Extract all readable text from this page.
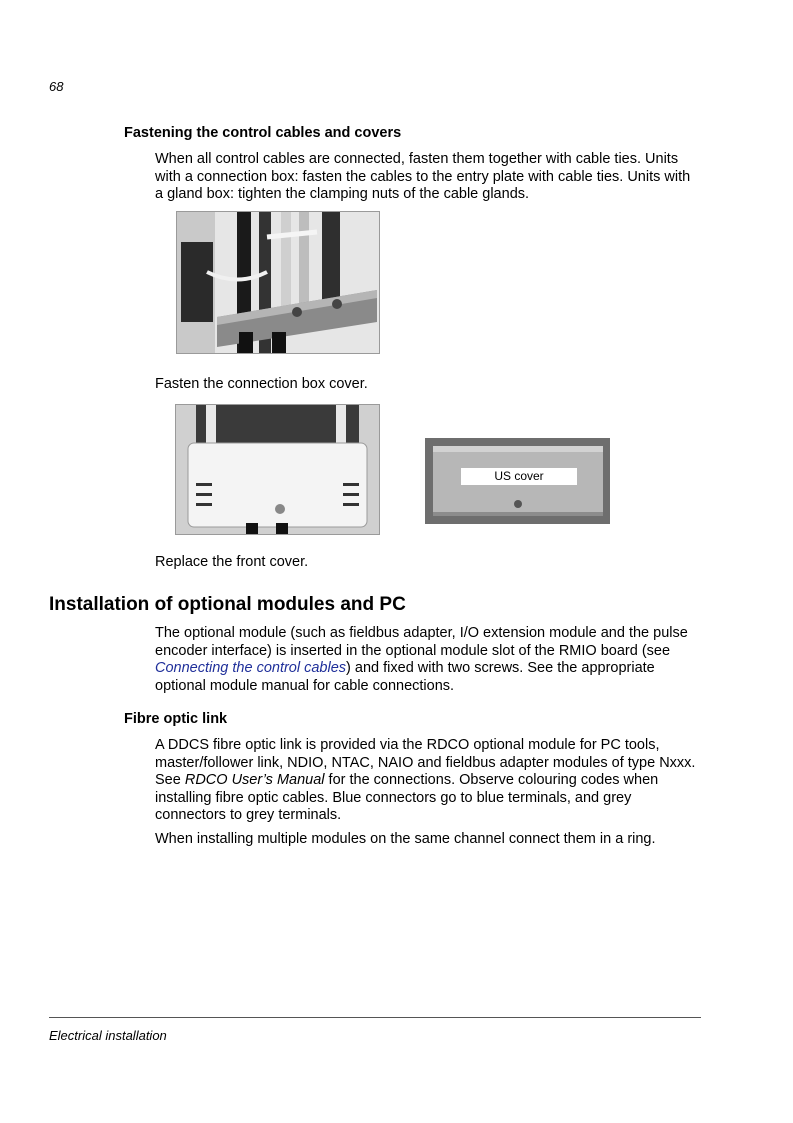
68
Fastening the control cables and covers
When all control cables are connected, fasten them together with cable ties. Units with a connection box: fasten the cables to the entry plate with cable ties. Units with a gland box: tighten the clamping nuts of the cable glands.
Fasten the connection box cover.
US cover
Replace the front cover.
Installation of optional modules and PC
The optional module (such as fieldbus adapter, I/O extension module and the pulse encoder interface) is inserted in the optional module slot of the RMIO board (see Connecting the control cables) and fixed with two screws. See the appropriate optional module manual for cable connections.
Fibre optic link
A DDCS fibre optic link is provided via the RDCO optional module for PC tools, master/follower link, NDIO, NTAC, NAIO and fieldbus adapter modules of type Nxxx. See RDCO User’s Manual for the connections. Observe colouring codes when installing fibre optic cables. Blue connectors go to blue terminals, and grey connectors to grey terminals.
When installing multiple modules on the same channel connect them in a ring.
Electrical installation
